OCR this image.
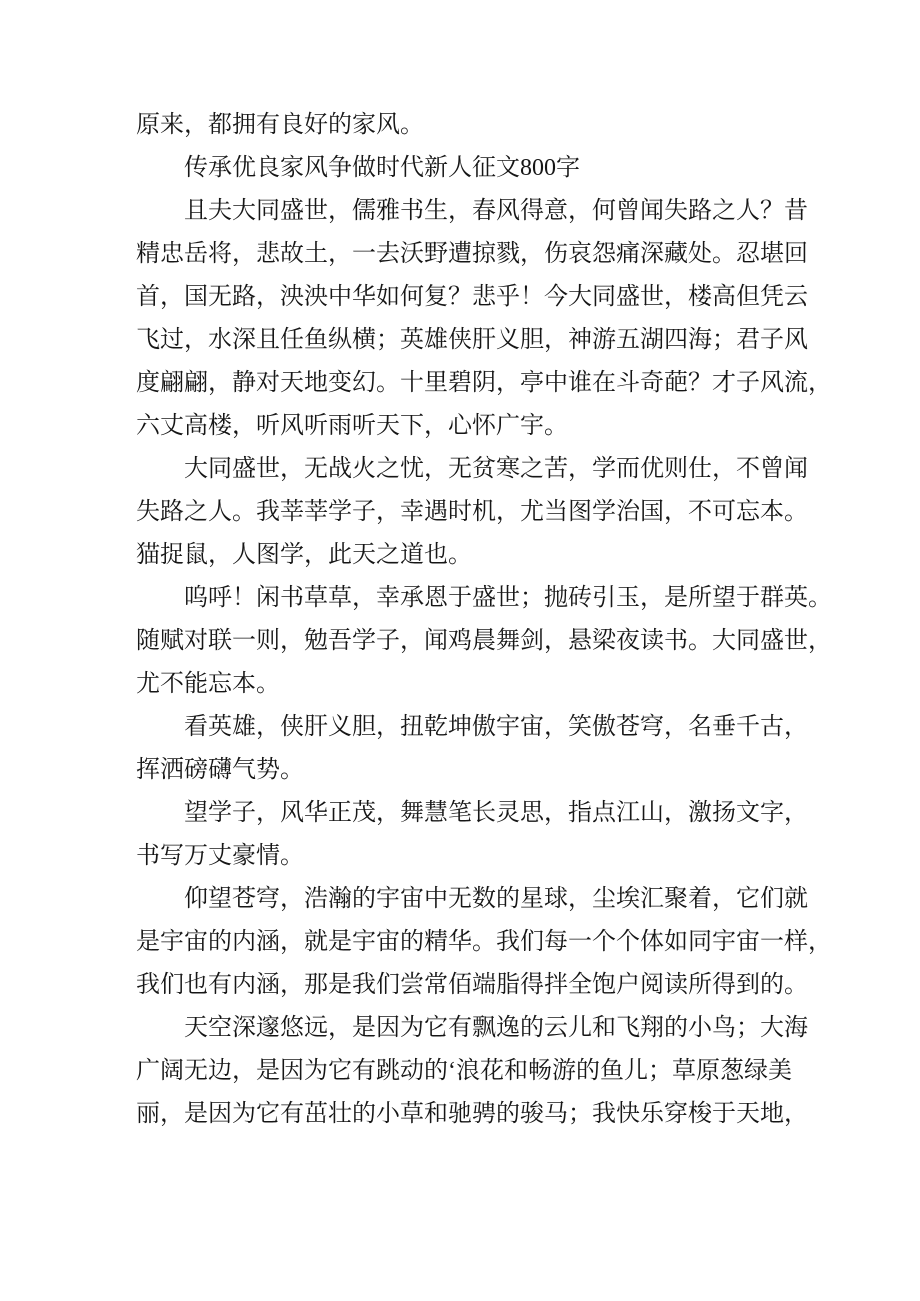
原来，都拥有良好的家风。
传承优良家风争做时代新人征文800字
且夫大同盛世，儒雅书生，春风得意，何曾闻失路之人？昔
精忠岳将，悲故土，一去沃野遭掠戮，伤哀怨痛深藏处。忍堪回
首，国无路，泱泱中华如何复？悲乎！今大同盛世，楼高但凭云
飞过，水深且任鱼纵横；英雄侠肝义胆，神游五湖四海；君子风
度翩翩，静对天地变幻。十里碧阴，亭中谁在斗奇葩？才子风流，
六丈高楼，听风听雨听天下，心怀广宇。
大同盛世，无战火之忧，无贫寒之苦，学而优则仕，不曾闻
失路之人。我莘莘学子，幸遇时机，尤当图学治国，不可忘本。
猫捉鼠，人图学，此天之道也。
呜呼！闲书草草，幸承恩于盛世；抛砖引玉，是所望于群英。
随赋对联一则，勉吾学子，闻鸡晨舞剑，悬梁夜读书。大同盛世，
尤不能忘本。
看英雄，侠肝义胆，扭乾坤傲宇宙，笑傲苍穹，名垂千古，
挥洒磅礴气势。
望学子，风华正茂，舞慧笔长灵思，指点江山，激扬文字，
书写万丈豪情。
仰望苍穹，浩瀚的宇宙中无数的星球，尘埃汇聚着，它们就
是宇宙的内涵，就是宇宙的精华。我们每一个个体如同宇宙一样，
我们也有内涵，那是我们尝常佰端脂得拌全饱户阅读所得到的。
天空深邃悠远，是因为它有飘逸的云儿和飞翔的小鸟；大海
广阔无边，是因为它有跳动的‘浪花和畅游的鱼儿；草原葱绿美
丽，是因为它有茁壮的小草和驰骋的骏马；我快乐穿梭于天地，
